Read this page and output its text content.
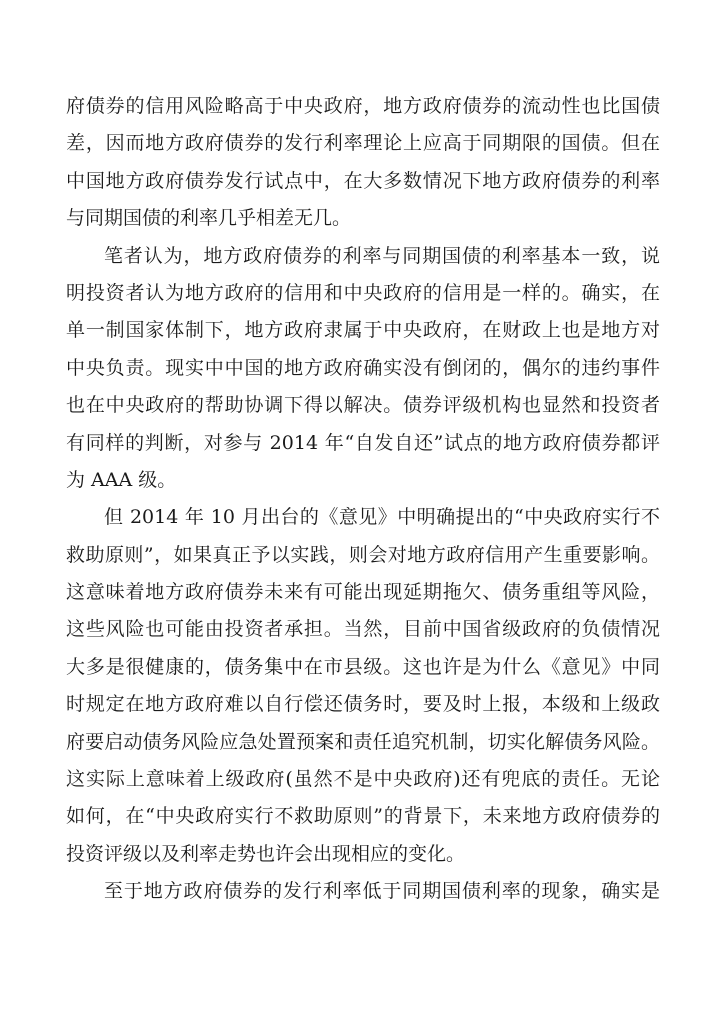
府债券的信用风险略高于中央政府，地方政府债券的流动性也比国债
差，因而地方政府债券的发行利率理论上应高于同期限的国债。但在
中国地方政府债券发行试点中，在大多数情况下地方政府债券的利率
与同期国债的利率几乎相差无几。
笔者认为，地方政府债券的利率与同期国债的利率基本一致，说
明投资者认为地方政府的信用和中央政府的信用是一样的。确实，在
单一制国家体制下，地方政府隶属于中央政府，在财政上也是地方对
中央负责。现实中中国的地方政府确实没有倒闭的，偶尔的违约事件
也在中央政府的帮助协调下得以解决。债券评级机构也显然和投资者
有同样的判断，对参与 2014 年“自发自还”试点的地方政府债券都评
为 AAA 级。
但 2014 年 10 月出台的《意见》中明确提出的“中央政府实行不
救助原则”，如果真正予以实践，则会对地方政府信用产生重要影响。
这意味着地方政府债券未来有可能出现延期拖欠、债务重组等风险，
这些风险也可能由投资者承担。当然，目前中国省级政府的负债情况
大多是很健康的，债务集中在市县级。这也许是为什么《意见》中同
时规定在地方政府难以自行偿还债务时，要及时上报，本级和上级政
府要启动债务风险应急处置预案和责任追究机制，切实化解债务风险。
这实际上意味着上级政府(虽然不是中央政府)还有兜底的责任。无论
如何，在“中央政府实行不救助原则”的背景下，未来地方政府债券的
投资评级以及利率走势也许会出现相应的变化。
至于地方政府债券的发行利率低于同期国债利率的现象，确实是
